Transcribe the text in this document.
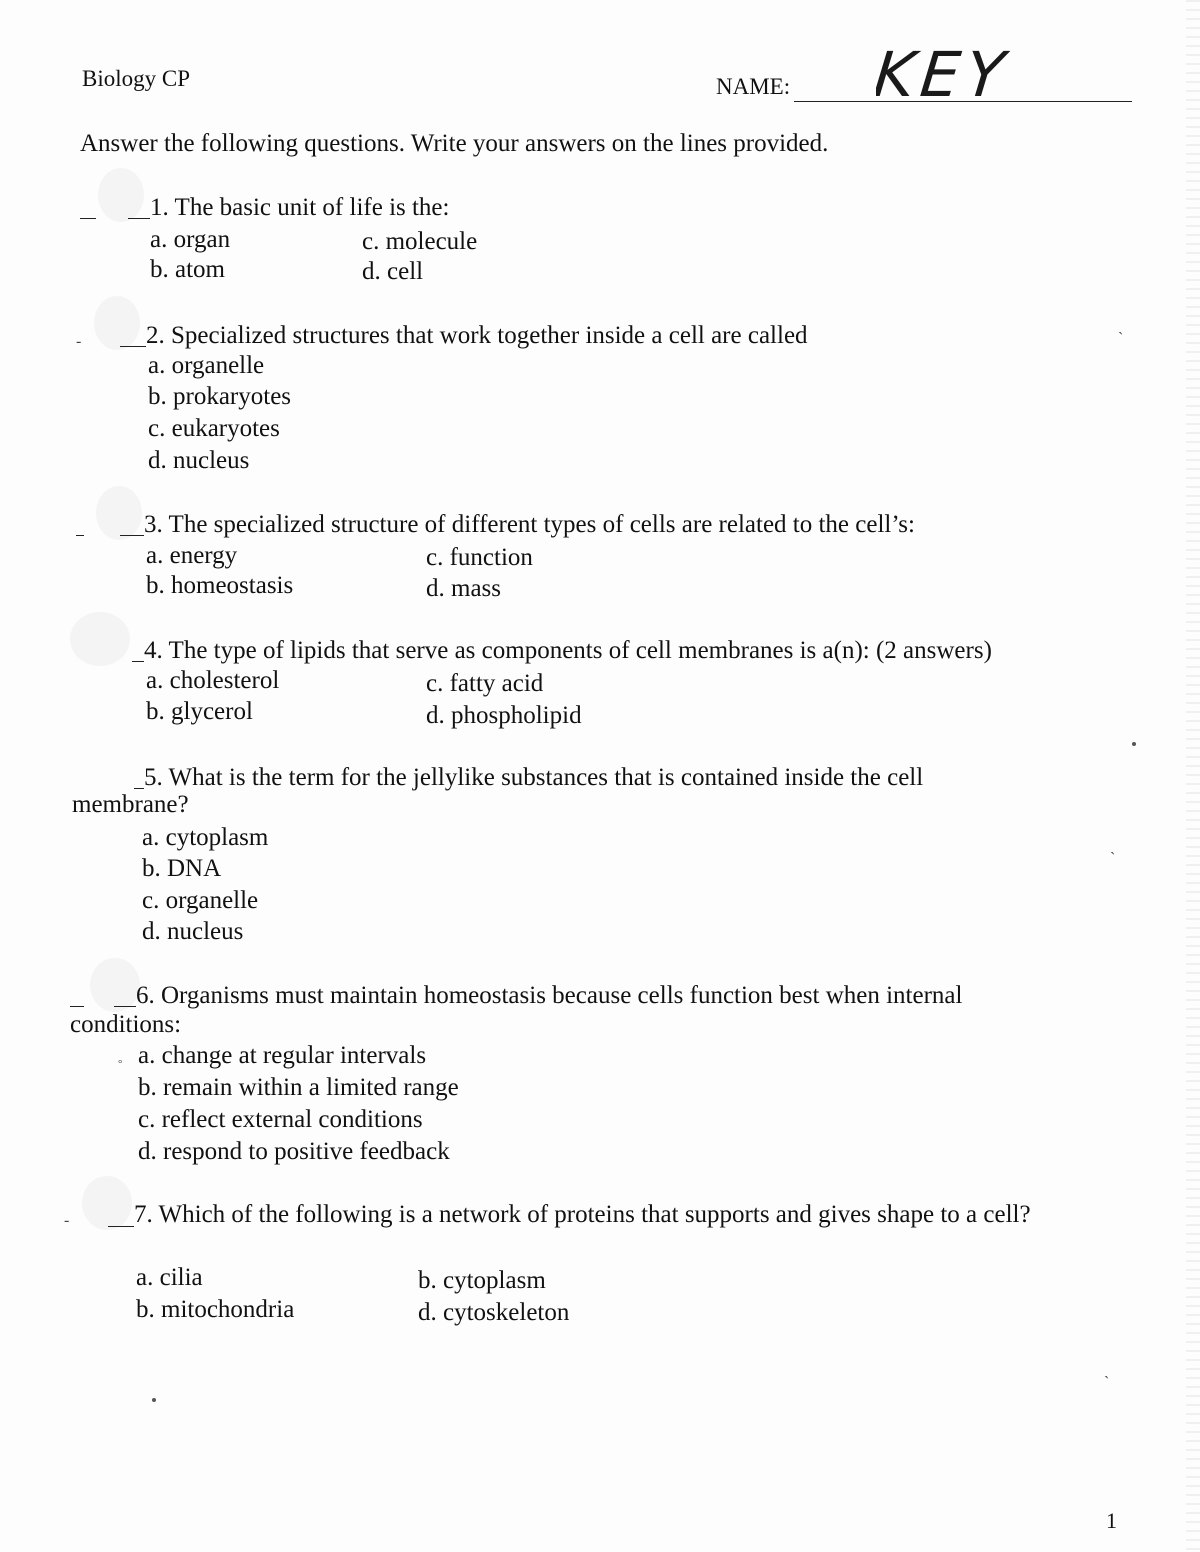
Biology CP	NAME: KEY
Answer the following questions. Write your answers on the lines provided.
1. The basic unit of life is the:
a. organ	c. molecule
b. atom	d. cell
-	2. Specialized structures that work together inside a cell are called
a. organelle
b. prokaryotes
c. eukaryotes
d. nucleus
`
3. The specialized structure of different types of cells are related to the cell’s:
a. energy	c. function
b. homeostasis	d. mass
4. The type of lipids that serve as components of cell membranes is a(n): (2 answers)
a. cholesterol	c. fatty acid
b. glycerol	d. phospholipid
5. What is the term for the jellylike substances that is contained inside the cell
membrane?
a. cytoplasm
b. DNA
c. organelle
d. nucleus
`
6. Organisms must maintain homeostasis because cells function best when internal
conditions:
a. change at regular intervals
b. remain within a limited range
c. reflect external conditions
d. respond to positive feedback
°
-	7. Which of the following is a network of proteins that supports and gives shape to a cell?
a. cilia	b. cytoplasm
b. mitochondria	d. cytoskeleton
`
1
